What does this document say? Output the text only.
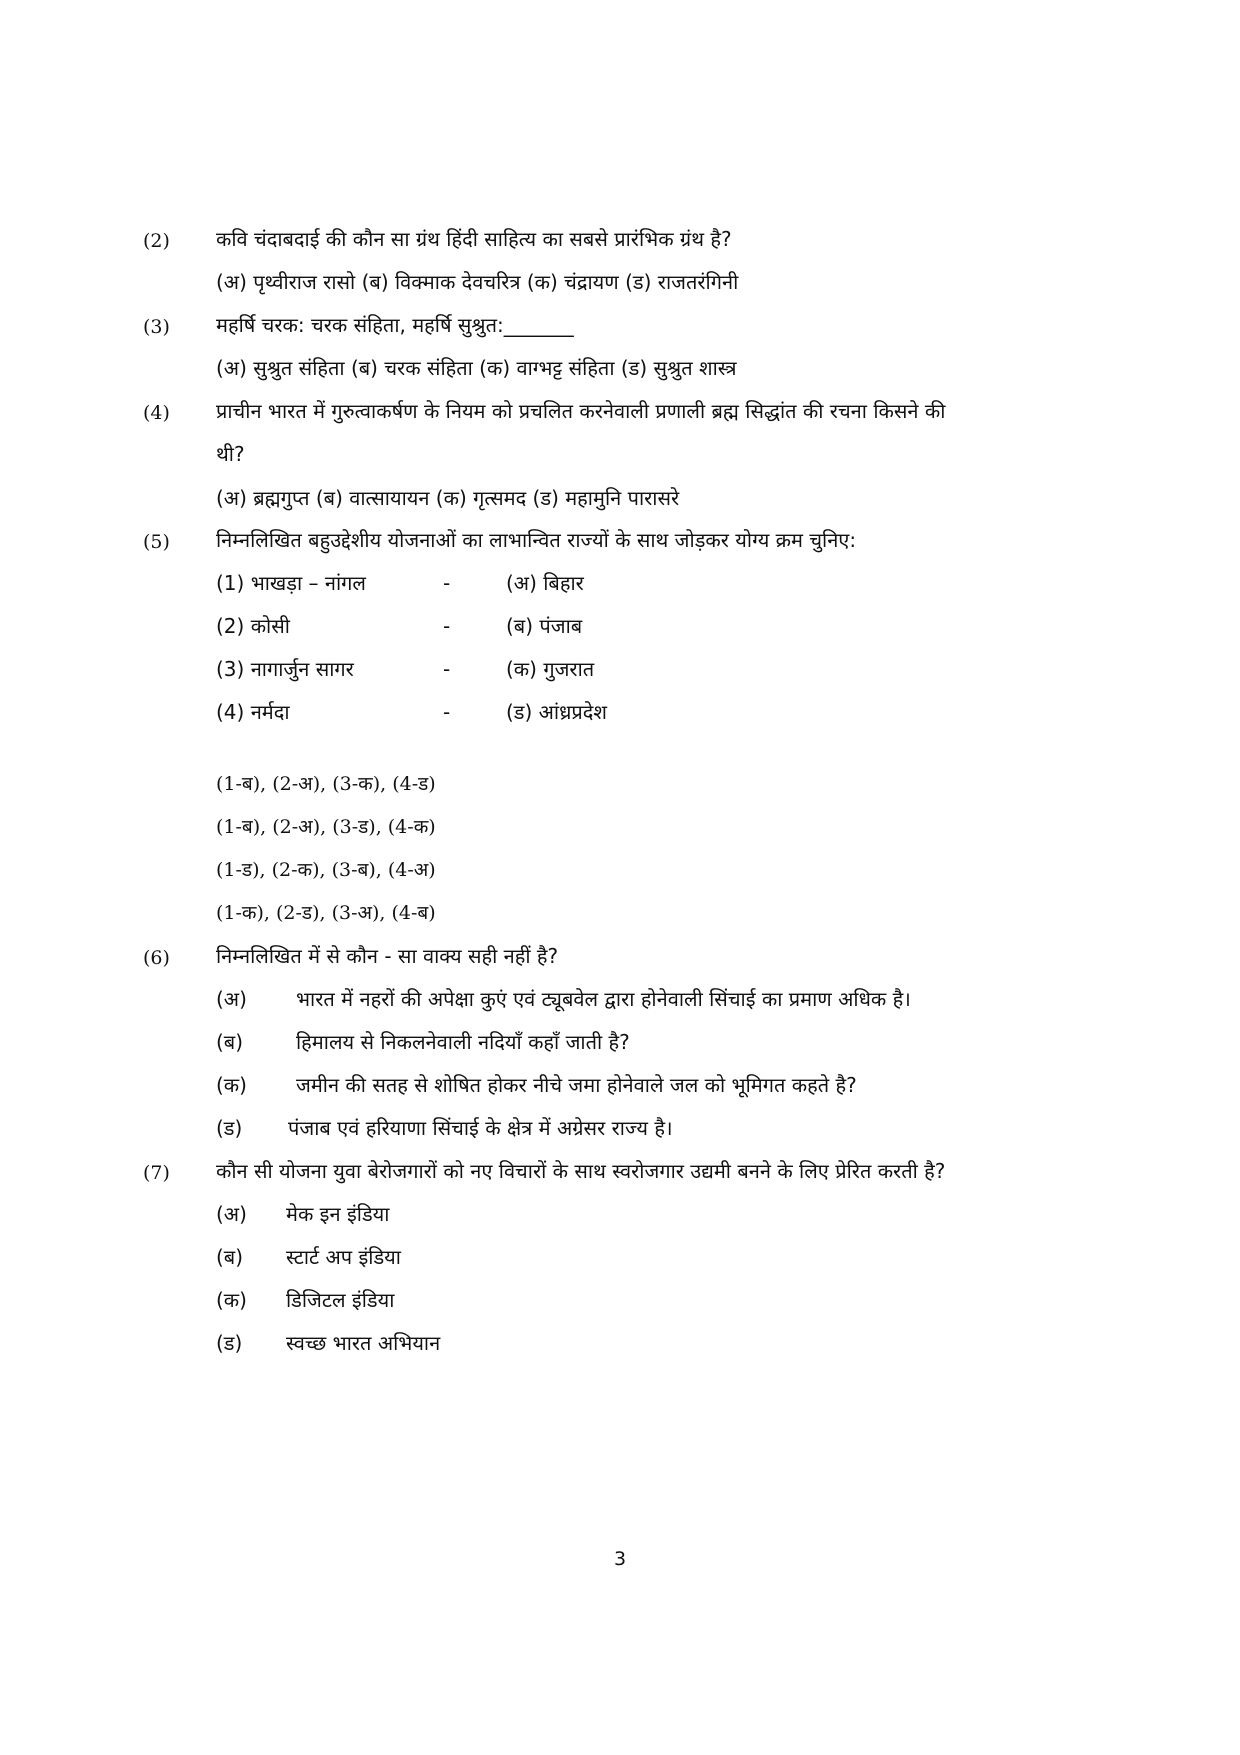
(2) कवि चंदाबदाई की कौन सा ग्रंथ हिंदी साहित्य का सबसे प्रारंभिक ग्रंथ है?
(अ) पृथ्वीराज रासो (ब) विक्माक देवचरित्र (क) चंद्रायण (ड) राजतरंगिनी
(3) महर्षि चरक: चरक संहिता, महर्षि सुश्रुत:_______
(अ) सुश्रुत संहिता (ब) चरक संहिता (क) वाग्भट्ट संहिता (ड) सुश्रुत शास्त्र
(4) प्राचीन भारत में गुरुत्वाकर्षण के नियम को प्रचलित करनेवाली प्रणाली ब्रह्म सिद्धांत की रचना किसने की
थी?
(अ) ब्रह्मगुप्त (ब) वात्सायायन (क) गृत्समद (ड) महामुनि पारासरे
(5) निम्नलिखित बहुउद्देशीय योजनाओं का लाभान्वित राज्यों के साथ जोड़कर योग्य क्रम चुनिए:
(1) भाखड़ा – नांगल	-	(अ) बिहार
(2) कोसी	-	(ब) पंजाब
(3) नागार्जुन सागर	-	(क) गुजरात
(4) नर्मदा	-	(ड) आंध्रप्रदेश
(1-ब), (2-अ), (3-क), (4-ड)
(1-ब), (2-अ), (3-ड), (4-क)
(1-ड), (2-क), (3-ब), (4-अ)
(1-क), (2-ड), (3-अ), (4-ब)
(6) निम्नलिखित में से कौन - सा वाक्य सही नहीं है?
(अ) भारत में नहरों की अपेक्षा कुएं एवं ट्यूबवेल द्वारा होनेवाली सिंचाई का प्रमाण अधिक है।
(ब)	हिमालय से निकलनेवाली नदियाँ कहाँ जाती है?
(क) जमीन की सतह से शोषित होकर नीचे जमा होनेवाले जल को भूमिगत कहते है?
(ड) पंजाब एवं हरियाणा सिंचाई के क्षेत्र में अग्रेसर राज्य है।
(7) कौन सी योजना युवा बेरोजगारों को नए विचारों के साथ स्वरोजगार उद्यमी बनने के लिए प्रेरित करती है?
(अ) मेक इन इंडिया
(ब) स्टार्ट अप इंडिया
(क) डिजिटल इंडिया
(ड) स्वच्छ भारत अभियान
3
